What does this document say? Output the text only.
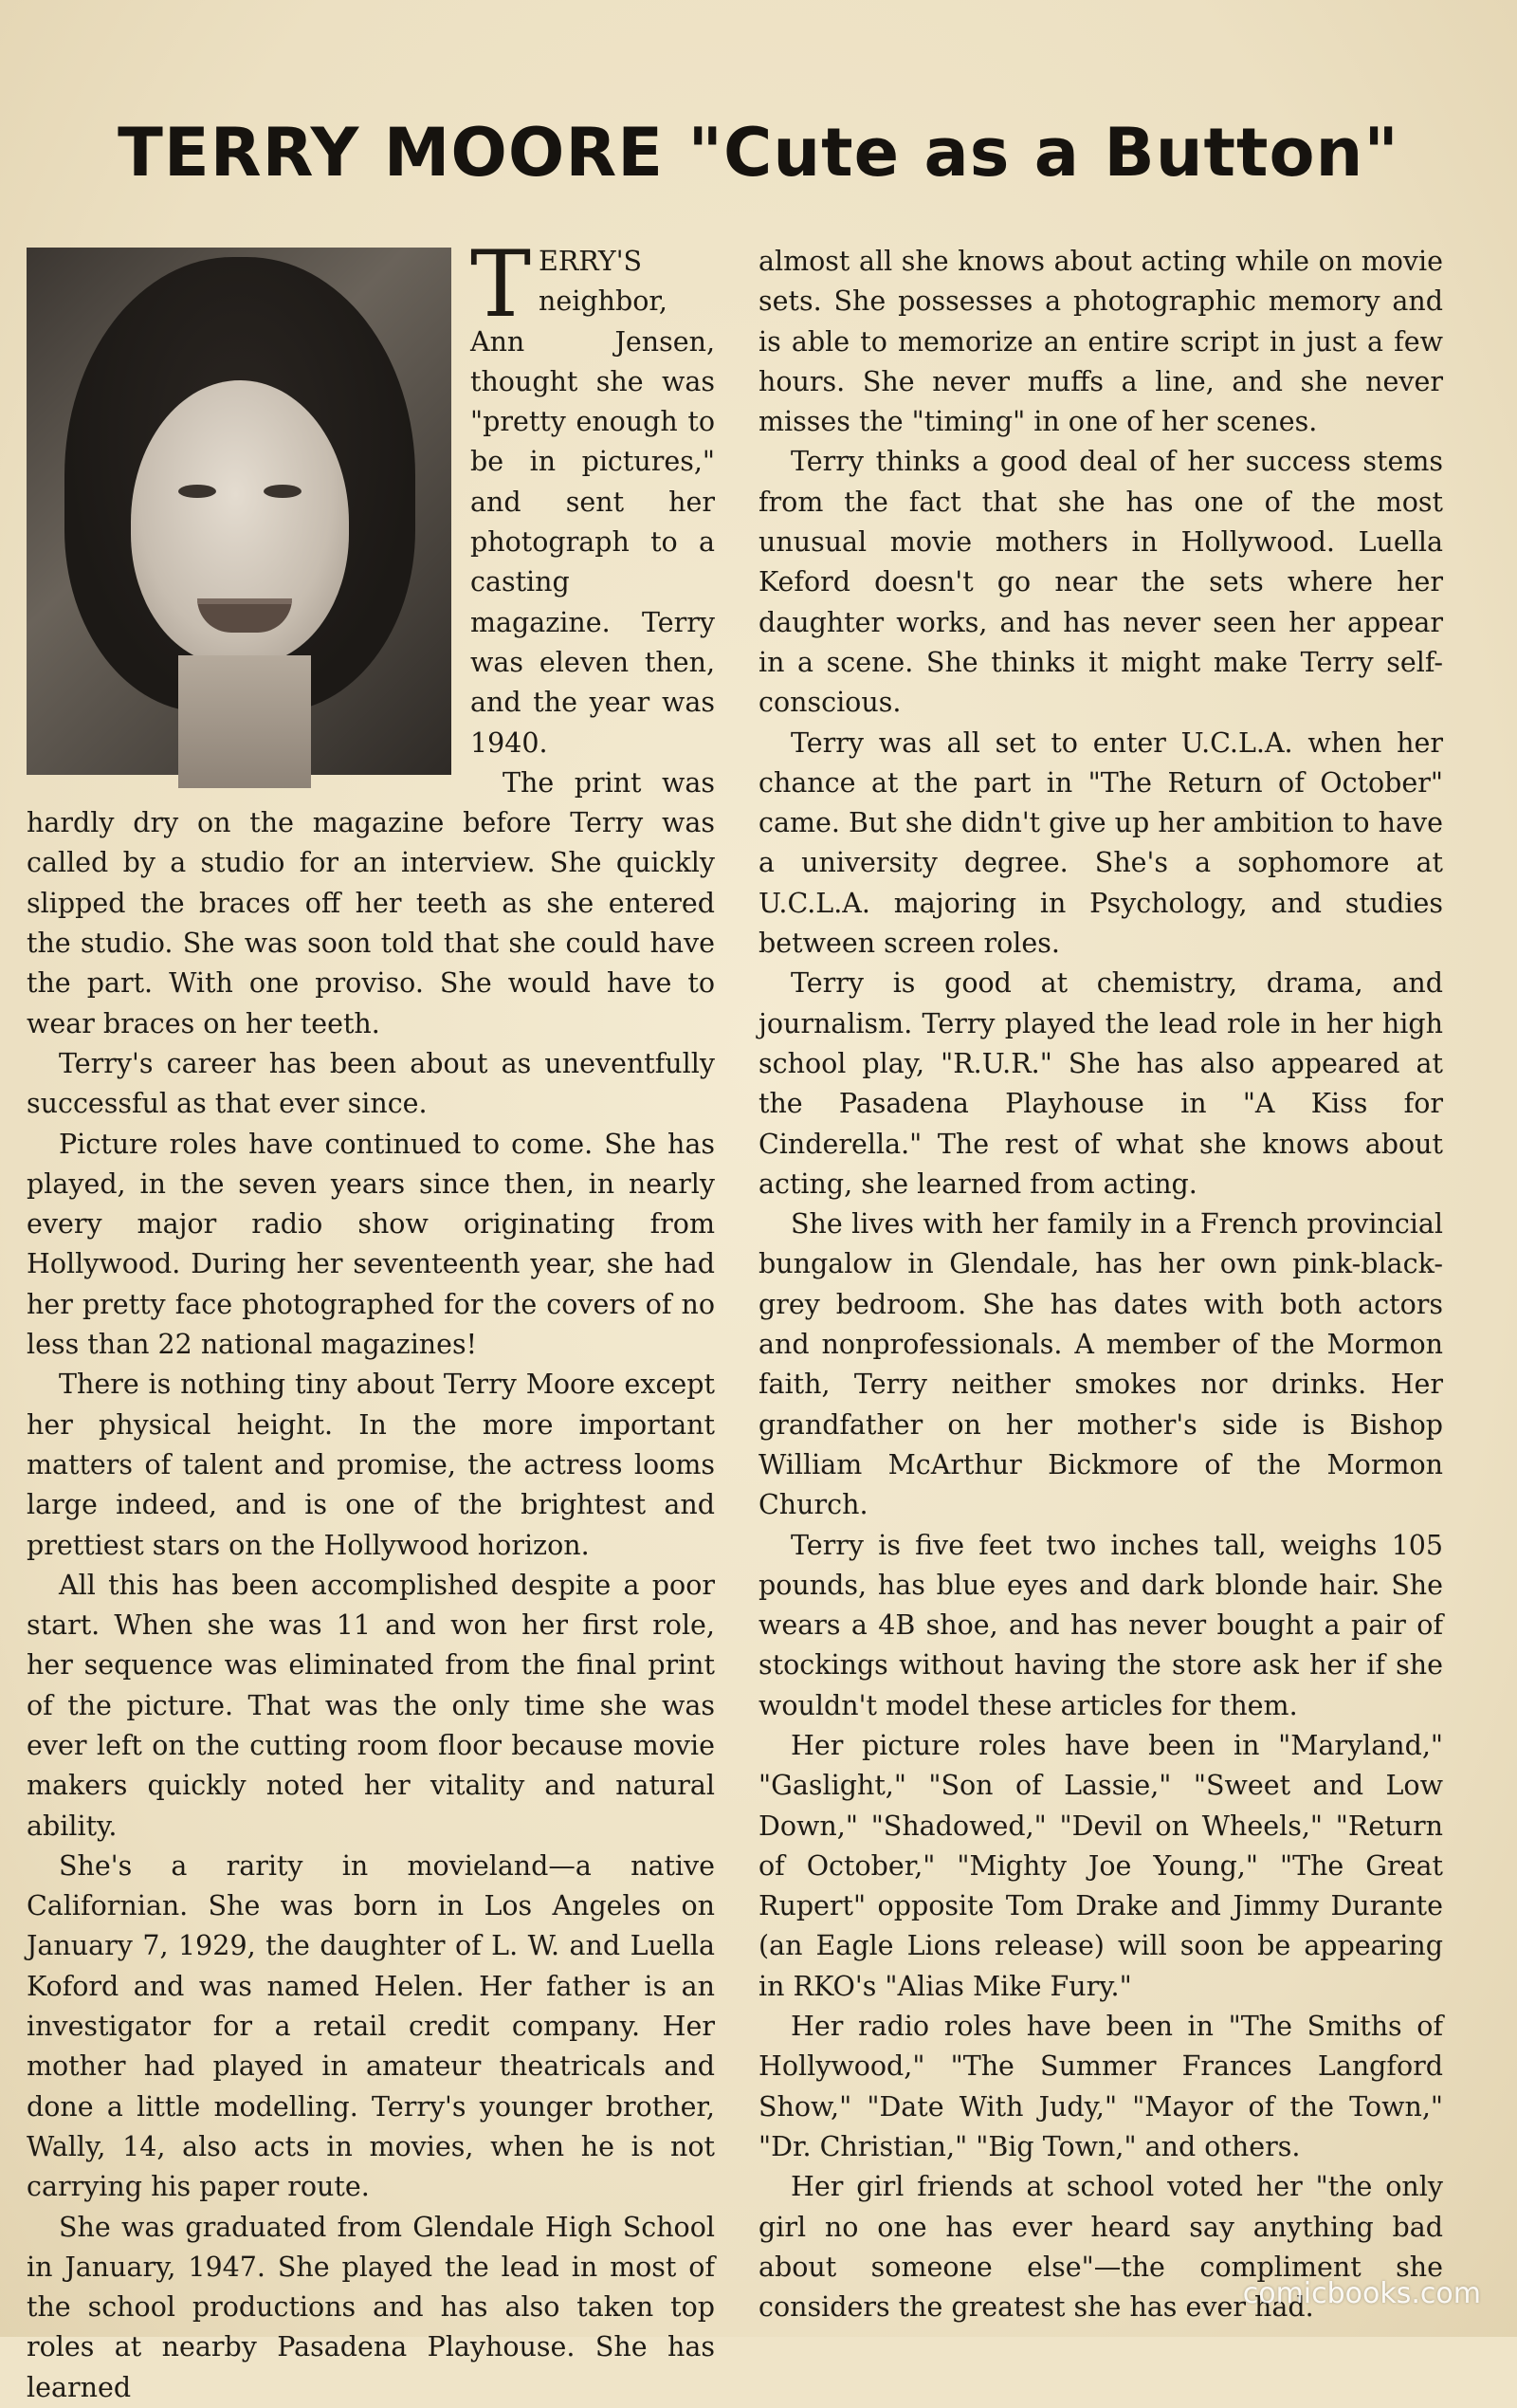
TERRY MOORE "Cute as a Button"

TERRY'S neighbor, Ann Jensen, thought she was "pretty enough to be in pictures," and sent her photograph to a casting magazine. Terry was eleven then, and the year was 1940.

The print was hardly dry on the magazine before Terry was called by a studio for an interview. She quickly slipped the braces off her teeth as she entered the studio. She was soon told that she could have the part. With one proviso. She would have to wear braces on her teeth.

Terry's career has been about as uneventfully successful as that ever since.

Picture roles have continued to come. She has played, in the seven years since then, in nearly every major radio show originating from Hollywood. During her seventeenth year, she had her pretty face photographed for the covers of no less than 22 national magazines!

There is nothing tiny about Terry Moore except her physical height. In the more important matters of talent and promise, the actress looms large indeed, and is one of the brightest and prettiest stars on the Hollywood horizon.

All this has been accomplished despite a poor start. When she was 11 and won her first role, her sequence was eliminated from the final print of the picture. That was the only time she was ever left on the cutting room floor because movie makers quickly noted her vitality and natural ability.

She's a rarity in movieland—a native Californian. She was born in Los Angeles on January 7, 1929, the daughter of L. W. and Luella Koford and was named Helen. Her father is an investigator for a retail credit company. Her mother had played in amateur theatricals and done a little modelling. Terry's younger brother, Wally, 14, also acts in movies, when he is not carrying his paper route.

She was graduated from Glendale High School in January, 1947. She played the lead in most of the school productions and has also taken top roles at nearby Pasadena Playhouse. She has learned

almost all she knows about acting while on movie sets. She possesses a photographic memory and is able to memorize an entire script in just a few hours. She never muffs a line, and she never misses the "timing" in one of her scenes.

Terry thinks a good deal of her success stems from the fact that she has one of the most unusual movie mothers in Hollywood. Luella Keford doesn't go near the sets where her daughter works, and has never seen her appear in a scene. She thinks it might make Terry self-conscious.

Terry was all set to enter U.C.L.A. when her chance at the part in "The Return of October" came. But she didn't give up her ambition to have a university degree. She's a sophomore at U.C.L.A. majoring in Psychology, and studies between screen roles.

Terry is good at chemistry, drama, and journalism. Terry played the lead role in her high school play, "R.U.R." She has also appeared at the Pasadena Playhouse in "A Kiss for Cinderella." The rest of what she knows about acting, she learned from acting.

She lives with her family in a French provincial bungalow in Glendale, has her own pink-black-grey bedroom. She has dates with both actors and nonprofessionals. A member of the Mormon faith, Terry neither smokes nor drinks. Her grandfather on her mother's side is Bishop William McArthur Bickmore of the Mormon Church.

Terry is five feet two inches tall, weighs 105 pounds, has blue eyes and dark blonde hair. She wears a 4B shoe, and has never bought a pair of stockings without having the store ask her if she wouldn't model these articles for them.

Her picture roles have been in "Maryland," "Gaslight," "Son of Lassie," "Sweet and Low Down," "Shadowed," "Devil on Wheels," "Return of October," "Mighty Joe Young," "The Great Rupert" opposite Tom Drake and Jimmy Durante (an Eagle Lions release) will soon be appearing in RKO's "Alias Mike Fury."

Her radio roles have been in "The Smiths of Hollywood," "The Summer Frances Langford Show," "Date With Judy," "Mayor of the Town," "Dr. Christian," "Big Town," and others.

Her girl friends at school voted her "the only girl no one has ever heard say anything bad about someone else"—the compliment she considers the greatest she has ever had.

comicbooks.com
